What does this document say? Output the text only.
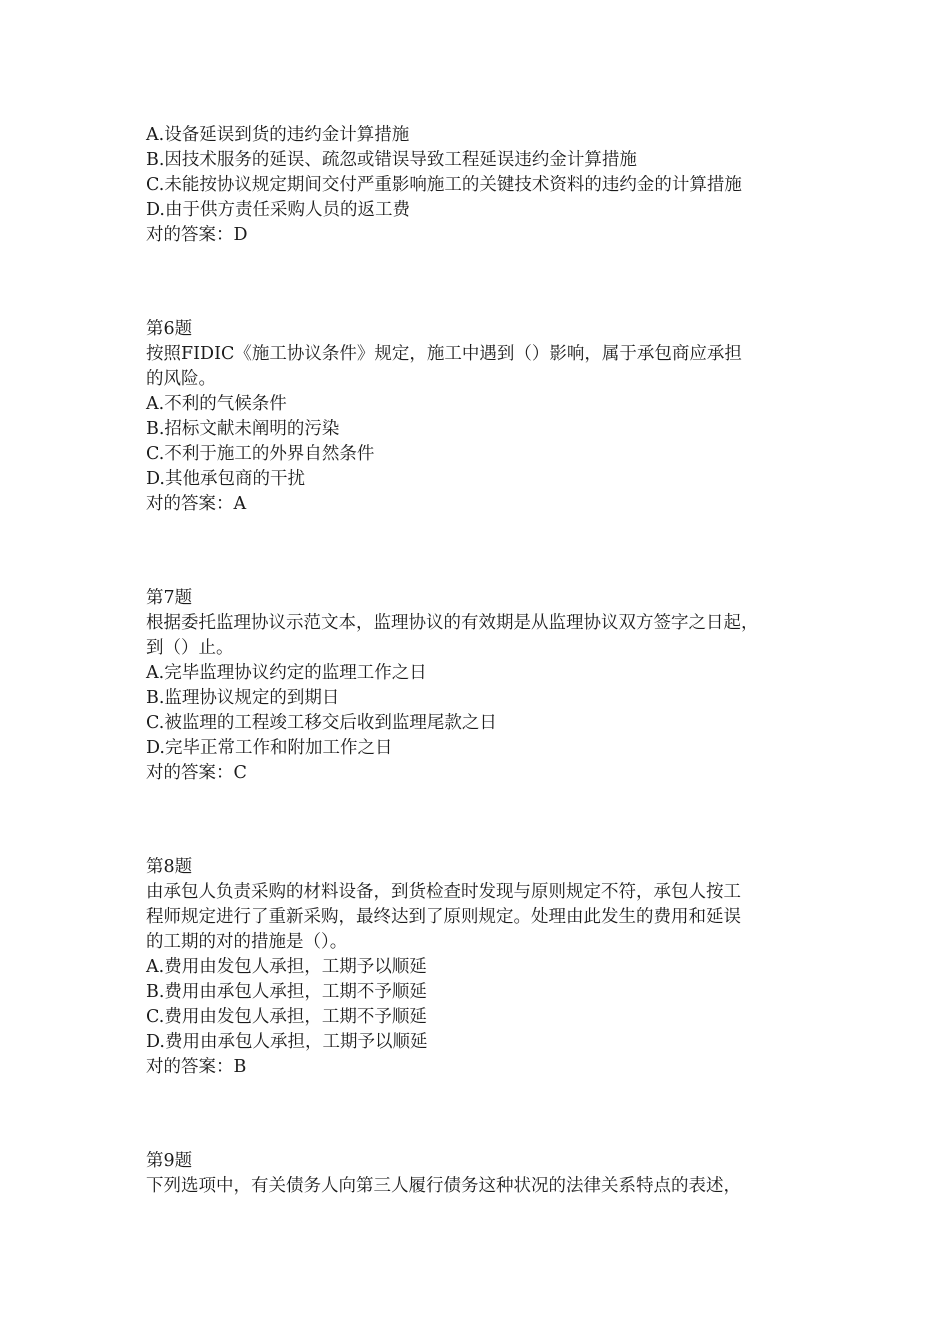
A.设备延误到货的违约金计算措施
B.因技术服务的延误、疏忽或错误导致工程延误违约金计算措施
C.未能按协议规定期间交付严重影响施工的关键技术资料的违约金的计算措施
D.由于供方责任采购人员的返工费
对的答案：D
第6题
按照FIDIC《施工协议条件》规定，施工中遇到（）影响，属于承包商应承担
的风险。
A.不利的气候条件
B.招标文献未阐明的污染
C.不利于施工的外界自然条件
D.其他承包商的干扰
对的答案：A
第7题
根据委托监理协议示范文本，监理协议的有效期是从监理协议双方签字之日起，
到（）止。
A.完毕监理协议约定的监理工作之日
B.监理协议规定的到期日
C.被监理的工程竣工移交后收到监理尾款之日
D.完毕正常工作和附加工作之日
对的答案：C
第8题
由承包人负责采购的材料设备，到货检查时发现与原则规定不符，承包人按工
程师规定进行了重新采购，最终达到了原则规定。处理由此发生的费用和延误
的工期的对的措施是（）。
A.费用由发包人承担，工期予以顺延
B.费用由承包人承担，工期不予顺延
C.费用由发包人承担，工期不予顺延
D.费用由承包人承担，工期予以顺延
对的答案：B
第9题
下列选项中，有关债务人向第三人履行债务这种状况的法律关系特点的表述，
